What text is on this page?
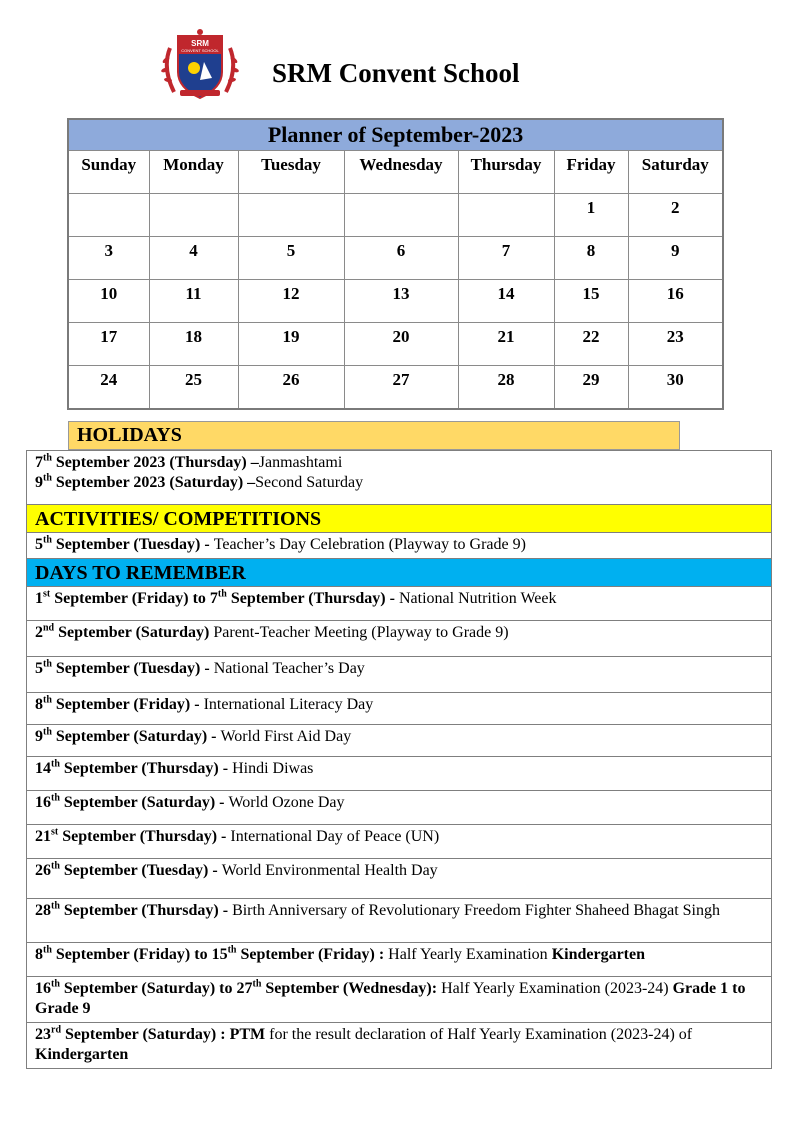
SRM
CONVENT SCHOOL
SRM Convent School
Planner of September-2023						
Sunday	Monday	Tuesday	Wednesday	Thursday	Friday	Saturday
					1	2
3	4	5	6	7	8	9
10	11	12	13	14	15	16
17	18	19	20	21	22	23
24	25	26	27	28	29	30
HOLIDAYS
7th September 2023 (Thursday) –Janmashtami
9th September 2023 (Saturday) –Second Saturday

ACTIVITIES/ COMPETITIONS

5th September (Tuesday) - Teacher’s Day Celebration (Playway to Grade 9)

DAYS TO REMEMBER

1st September (Friday) to 7th September (Thursday) - National Nutrition Week

2nd September (Saturday) Parent-Teacher Meeting (Playway to Grade 9)

5th September (Tuesday) - National Teacher’s Day

8th September (Friday) - International Literacy Day

9th September (Saturday) - World First Aid Day

14th September (Thursday) - Hindi Diwas

16th September (Saturday) - World Ozone Day

21st September (Thursday) - International Day of Peace (UN)

26th September (Tuesday) - World Environmental Health Day

28th September (Thursday) - Birth Anniversary of Revolutionary Freedom Fighter Shaheed Bhagat Singh

8th September (Friday) to 15th September (Friday) : Half Yearly Examination Kindergarten

16th September (Saturday) to 27th September (Wednesday): Half Yearly Examination (2023-24) Grade 1 to Grade 9

23rd September (Saturday) : PTM for the result declaration of Half Yearly Examination (2023-24) of Kindergarten
